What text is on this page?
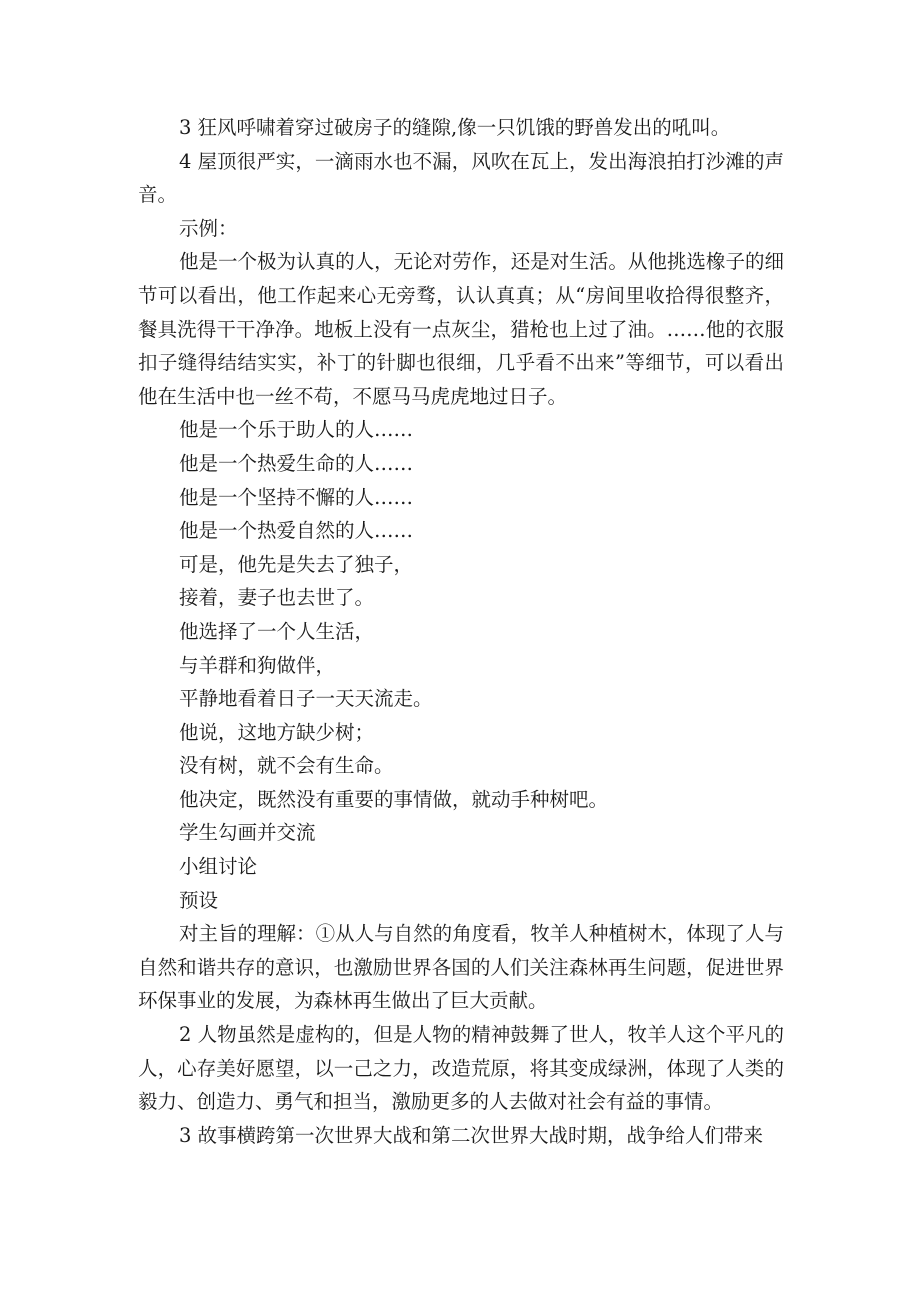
3 狂风呼啸着穿过破房子的缝隙,像一只饥饿的野兽发出的吼叫。

4 屋顶很严实，一滴雨水也不漏，风吹在瓦上，发出海浪拍打沙滩的声音。

示例：

他是一个极为认真的人，无论对劳作，还是对生活。从他挑选橡子的细节可以看出，他工作起来心无旁骛，认认真真；从“房间里收拾得很整齐，餐具洗得干干净净。地板上没有一点灰尘，猎枪也上过了油。……他的衣服扣子缝得结结实实，补丁的针脚也很细，几乎看不出来”等细节，可以看出他在生活中也一丝不苟，不愿马马虎虎地过日子。

他是一个乐于助人的人……

他是一个热爱生命的人……

他是一个坚持不懈的人……

他是一个热爱自然的人……

可是，他先是失去了独子，

接着，妻子也去世了。

他选择了一个人生活，

与羊群和狗做伴，

平静地看着日子一天天流走。

他说，这地方缺少树；

没有树，就不会有生命。

他决定，既然没有重要的事情做，就动手种树吧。

学生勾画并交流

小组讨论

预设

对主旨的理解：①从人与自然的角度看，牧羊人种植树木，体现了人与自然和谐共存的意识，也激励世界各国的人们关注森林再生问题，促进世界环保事业的发展，为森林再生做出了巨大贡献。

2 人物虽然是虚构的，但是人物的精神鼓舞了世人，牧羊人这个平凡的人，心存美好愿望，以一己之力，改造荒原，将其变成绿洲，体现了人类的毅力、创造力、勇气和担当，激励更多的人去做对社会有益的事情。

3 故事横跨第一次世界大战和第二次世界大战时期，战争给人们带来
